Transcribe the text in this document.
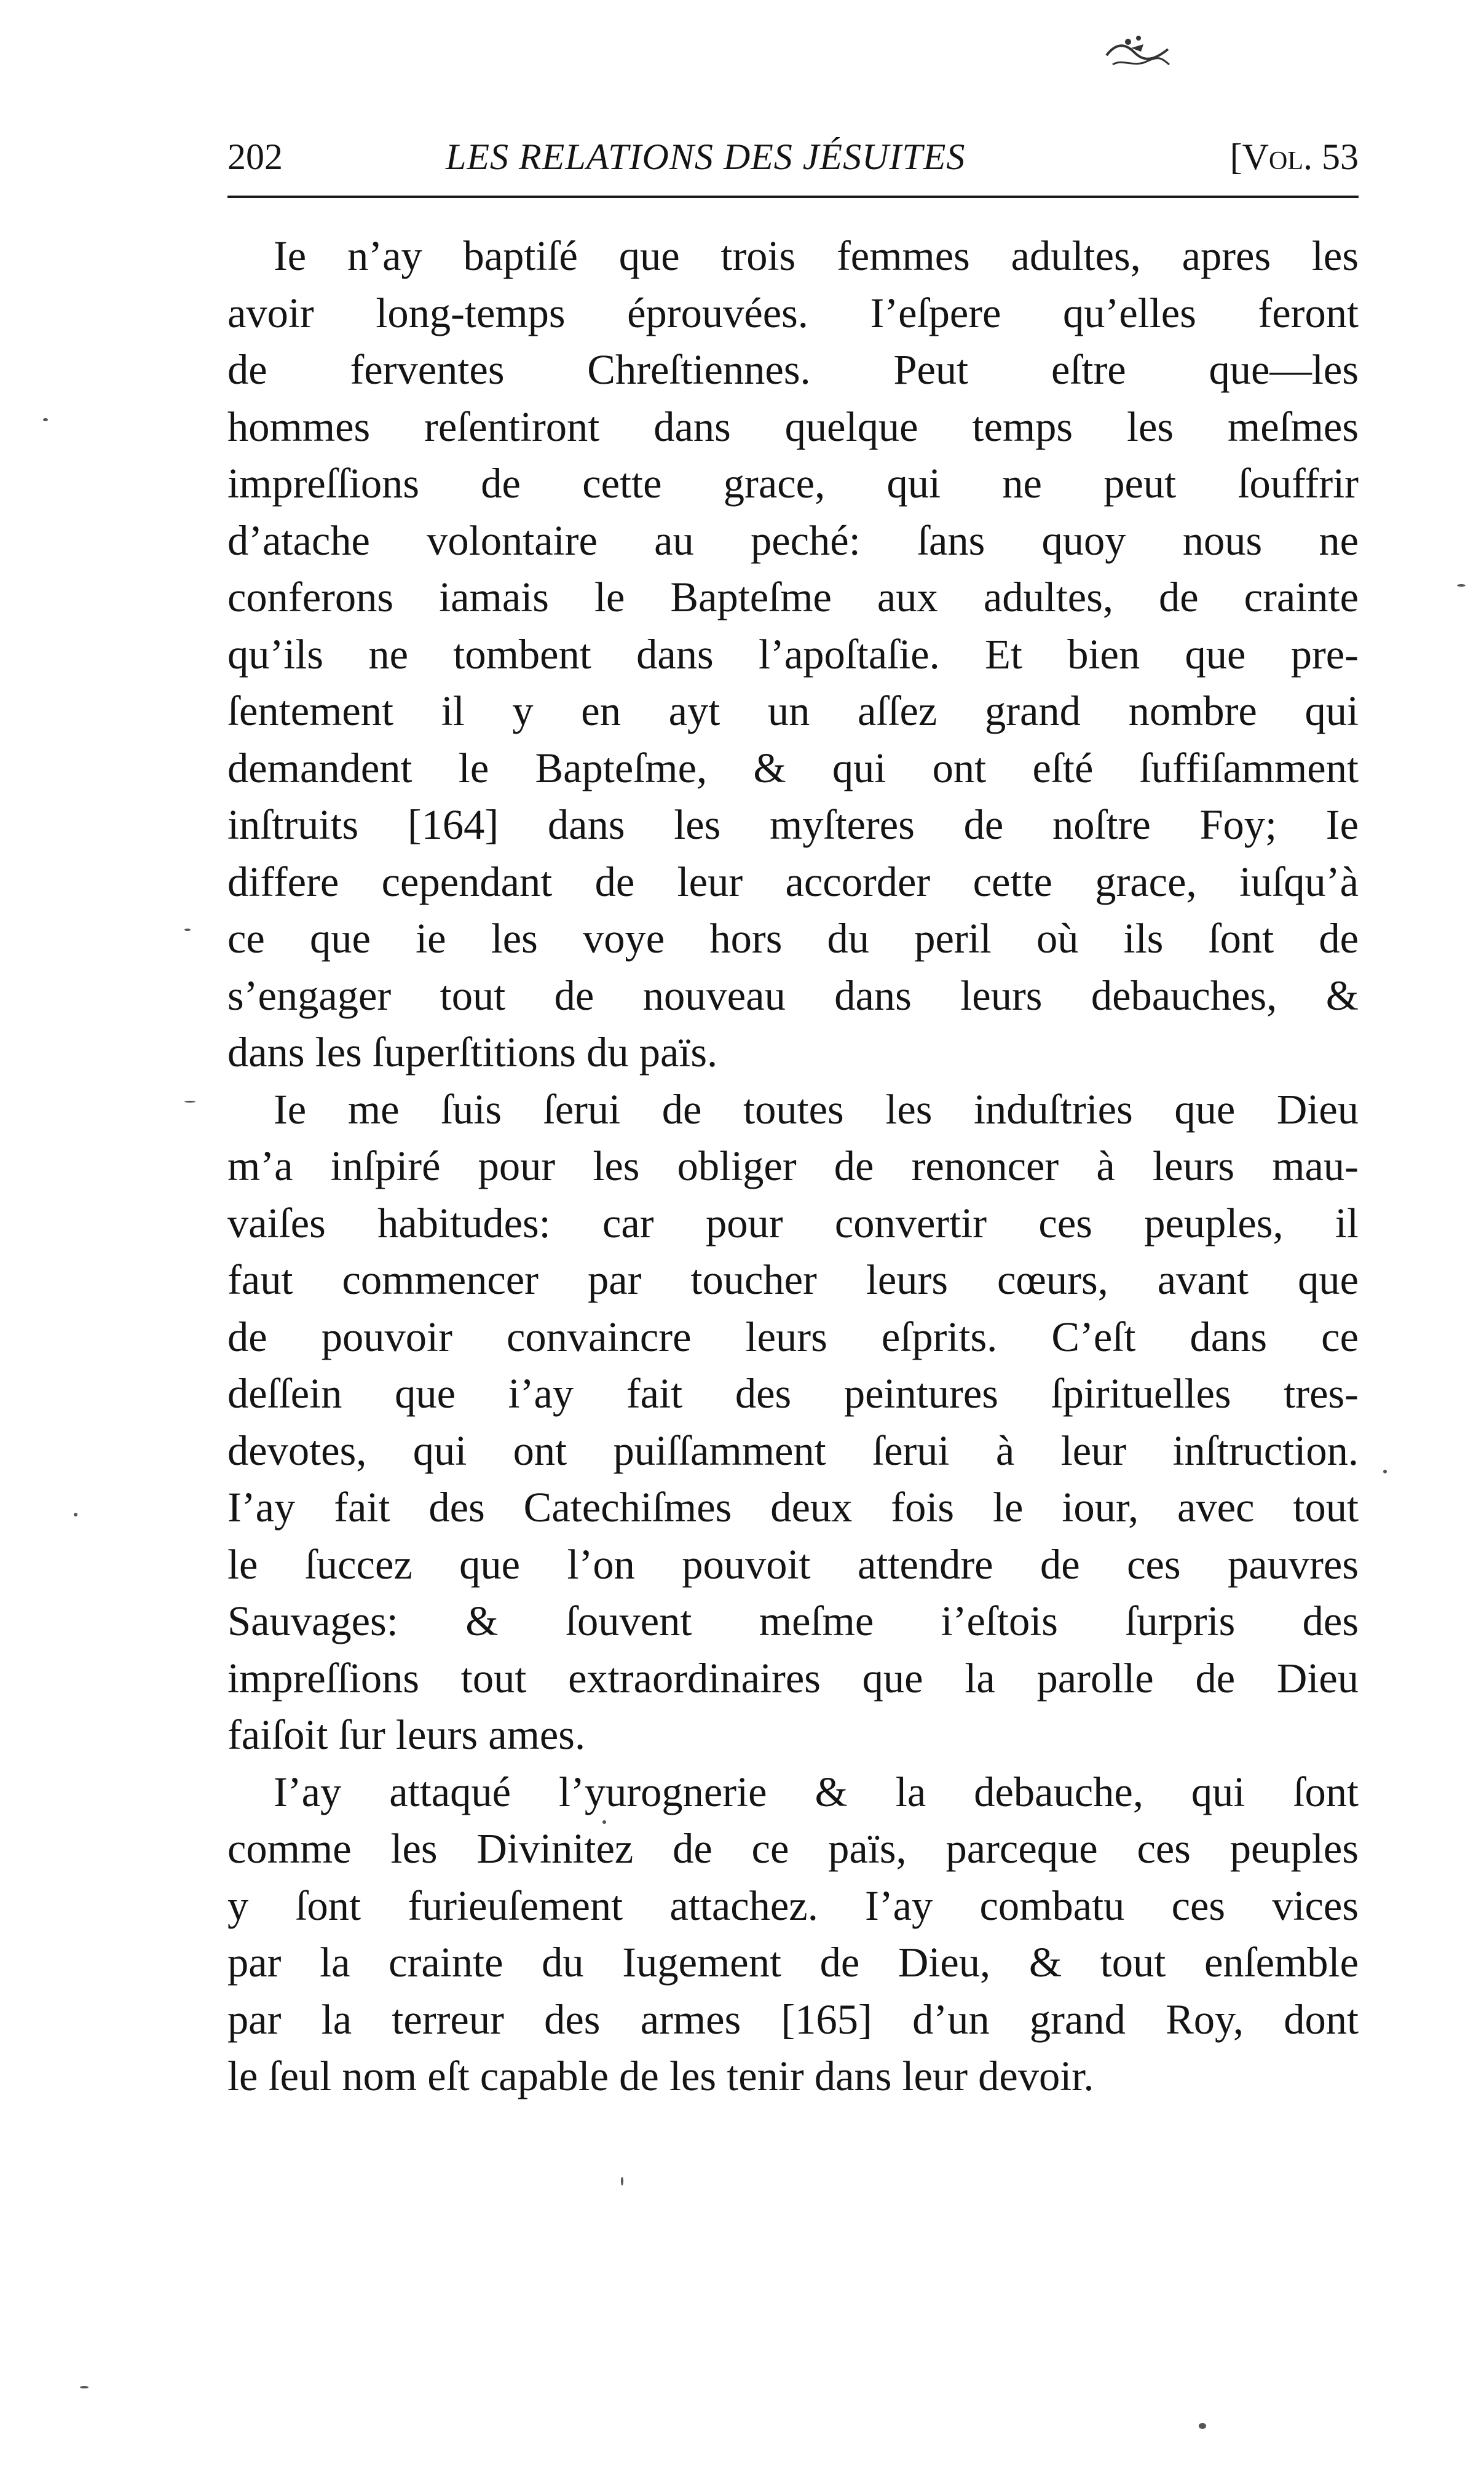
202	LES RELATIONS DES JÉSUITES	[Vol. 53
Ie n’ay baptiſé que trois femmes adultes, apres les
avoir long-temps éprouvées. I’eſpere qu’elles feront
de ferventes Chreſtiennes. Peut eſtre que—les
hommes reſentiront dans quelque temps les meſmes
impreſſions de cette grace, qui ne peut ſouffrir
d’atache volontaire au peché: ſans quoy nous ne
conferons iamais le Bapteſme aux adultes, de crainte
qu’ils ne tombent dans l’apoſtaſie. Et bien que pre-
ſentement il y en ayt un aſſez grand nombre qui
demandent le Bapteſme, & qui ont eſté ſuffiſamment
inſtruits [164] dans les myſteres de noſtre Foy; Ie
differe cependant de leur accorder cette grace, iuſqu’à
ce que ie les voye hors du peril où ils ſont de
s’engager tout de nouveau dans leurs debauches, &
dans les ſuperſtitions du païs.
Ie me ſuis ſerui de toutes les induſtries que Dieu
m’a inſpiré pour les obliger de renoncer à leurs mau-
vaiſes habitudes: car pour convertir ces peuples, il
faut commencer par toucher leurs cœurs, avant que
de pouvoir convaincre leurs eſprits. C’eſt dans ce
deſſein que i’ay fait des peintures ſpirituelles tres-
devotes, qui ont puiſſamment ſerui à leur inſtruction.
I’ay fait des Catechiſmes deux fois le iour, avec tout
le ſuccez que l’on pouvoit attendre de ces pauvres
Sauvages: & ſouvent meſme i’eſtois ſurpris des
impreſſions tout extraordinaires que la parolle de Dieu
faiſoit ſur leurs ames.
I’ay attaqué l’yurognerie & la debauche, qui ſont
comme les Divinitez de ce païs, parceque ces peuples
y ſont furieuſement attachez. I’ay combatu ces vices
par la crainte du Iugement de Dieu, & tout enſemble
par la terreur des armes [165] d’un grand Roy, dont
le ſeul nom eſt capable de les tenir dans leur devoir.
